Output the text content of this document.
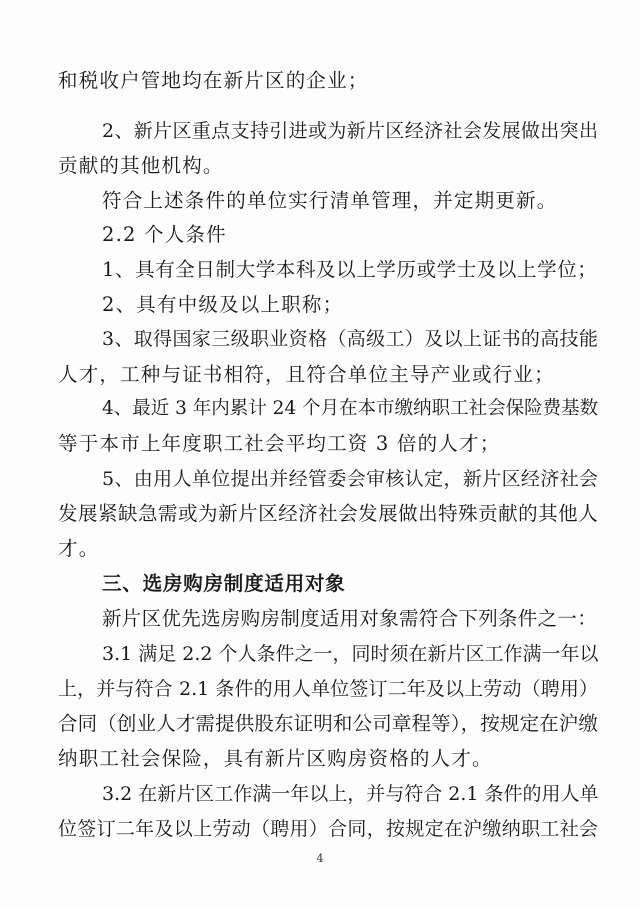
和税收户管地均在新片区的企业；
2、新片区重点支持引进或为新片区经济社会发展做出突出
贡献的其他机构。
符合上述条件的单位实行清单管理，并定期更新。
2.2 个人条件
1、具有全日制大学本科及以上学历或学士及以上学位；
2、具有中级及以上职称；
3、取得国家三级职业资格（高级工）及以上证书的高技能
人才，工种与证书相符，且符合单位主导产业或行业；
4、最近 3 年内累计 24 个月在本市缴纳职工社会保险费基数
等于本市上年度职工社会平均工资 3 倍的人才；
5、由用人单位提出并经管委会审核认定，新片区经济社会
发展紧缺急需或为新片区经济社会发展做出特殊贡献的其他人
才。
三、选房购房制度适用对象
新片区优先选房购房制度适用对象需符合下列条件之一：
3.1 满足 2.2 个人条件之一，同时须在新片区工作满一年以
上，并与符合 2.1 条件的用人单位签订二年及以上劳动（聘用）
合同（创业人才需提供股东证明和公司章程等），按规定在沪缴
纳职工社会保险，具有新片区购房资格的人才。
3.2 在新片区工作满一年以上，并与符合 2.1 条件的用人单
位签订二年及以上劳动（聘用）合同，按规定在沪缴纳职工社会
4
